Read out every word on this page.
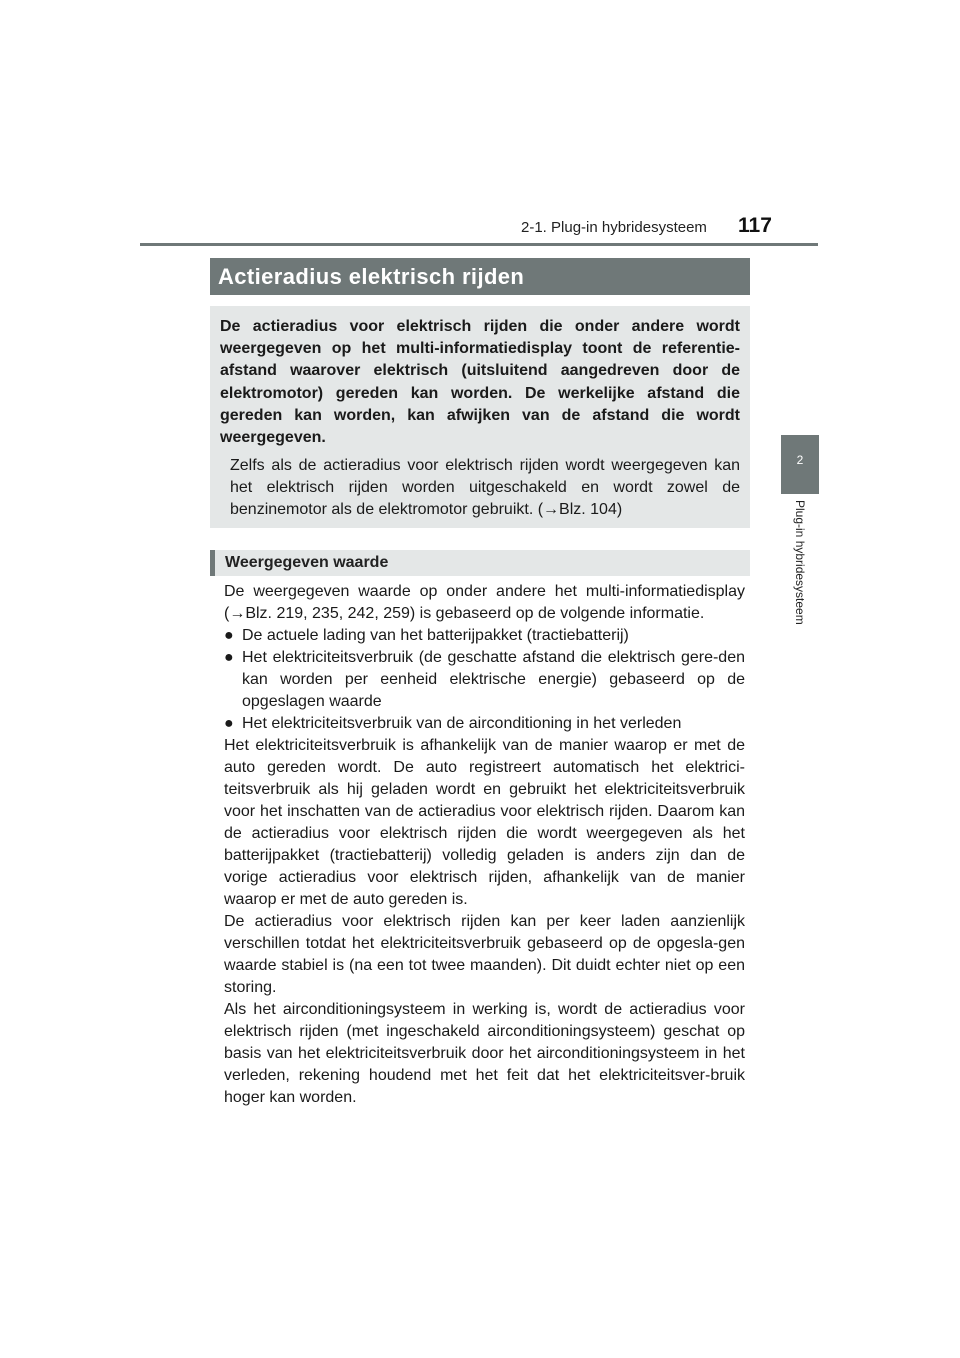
2-1. Plug-in hybridesysteem 117
2
Plug-in hybridesysteem
Actieradius elektrisch rijden

De actieradius voor elektrisch rijden die onder andere wordt weergegeven op het multi-informatiedisplay toont de referentie-afstand waarover elektrisch (uitsluitend aangedreven door de elektromotor) gereden kan worden. De werkelijke afstand die gereden kan worden, kan afwijken van de afstand die wordt weergegeven.

Zelfs als de actieradius voor elektrisch rijden wordt weergegeven kan het elektrisch rijden worden uitgeschakeld en wordt zowel de benzinemotor als de elektromotor gebruikt. (→Blz. 104)

Weergegeven waarde

De weergegeven waarde op onder andere het multi-informatiedisplay (→Blz. 219, 235, 242, 259) is gebaseerd op de volgende informatie.

● De actuele lading van het batterijpakket (tractiebatterij)
● Het elektriciteitsverbruik (de geschatte afstand die elektrisch gere-den kan worden per eenheid elektrische energie) gebaseerd op de opgeslagen waarde
● Het elektriciteitsverbruik van de airconditioning in het verleden

Het elektriciteitsverbruik is afhankelijk van de manier waarop er met de auto gereden wordt. De auto registreert automatisch het elektrici-teitsverbruik als hij geladen wordt en gebruikt het elektriciteitsverbruik voor het inschatten van de actieradius voor elektrisch rijden. Daarom kan de actieradius voor elektrisch rijden die wordt weergegeven als het batterijpakket (tractiebatterij) volledig geladen is anders zijn dan de vorige actieradius voor elektrisch rijden, afhankelijk van de manier waarop er met de auto gereden is.

De actieradius voor elektrisch rijden kan per keer laden aanzienlijk verschillen totdat het elektriciteitsverbruik gebaseerd op de opgesla-gen waarde stabiel is (na een tot twee maanden). Dit duidt echter niet op een storing.

Als het airconditioningsysteem in werking is, wordt de actieradius voor elektrisch rijden (met ingeschakeld airconditioningsysteem) geschat op basis van het elektriciteitsverbruik door het airconditioningsysteem in het verleden, rekening houdend met het feit dat het elektriciteitsver-bruik hoger kan worden.
